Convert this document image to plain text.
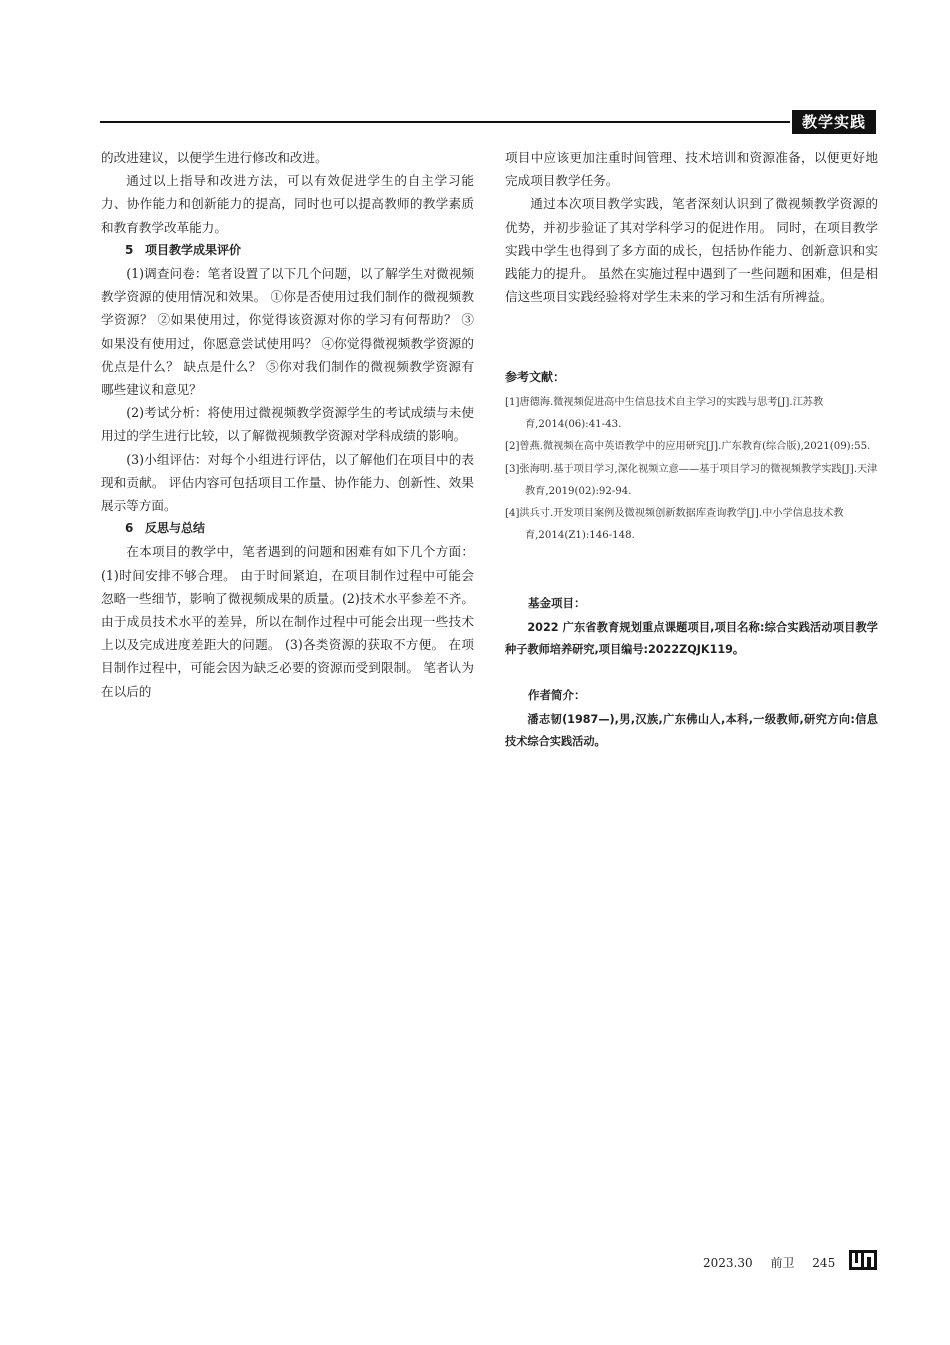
教学实践

的改进建议，以便学生进行修改和改进。

通过以上指导和改进方法，可以有效促进学生的自主学习能力、协作能力和创新能力的提高，同时也可以提高教师的教学素质和教育教学改革能力。

5 项目教学成果评价

(1)调查问卷：笔者设置了以下几个问题，以了解学生对微视频教学资源的使用情况和效果。 ①你是否使用过我们制作的微视频教学资源？ ②如果使用过，你觉得该资源对你的学习有何帮助？ ③如果没有使用过，你愿意尝试使用吗？ ④你觉得微视频教学资源的优点是什么？ 缺点是什么？ ⑤你对我们制作的微视频教学资源有哪些建议和意见？

(2)考试分析：将使用过微视频教学资源学生的考试成绩与未使用过的学生进行比较，以了解微视频教学资源对学科成绩的影响。

(3)小组评估：对每个小组进行评估，以了解他们在项目中的表现和贡献。 评估内容可包括项目工作量、协作能力、创新性、效果展示等方面。

6 反思与总结

在本项目的教学中，笔者遇到的问题和困难有如下几个方面：(1)时间安排不够合理。 由于时间紧迫，在项目制作过程中可能会忽略一些细节，影响了微视频成果的质量。(2)技术水平参差不齐。 由于成员技术水平的差异，所以在制作过程中可能会出现一些技术上以及完成进度差距大的问题。 (3)各类资源的获取不方便。 在项目制作过程中，可能会因为缺乏必要的资源而受到限制。 笔者认为在以后的

项目中应该更加注重时间管理、技术培训和资源准备，以便更好地完成项目教学任务。

通过本次项目教学实践，笔者深刻认识到了微视频教学资源的优势，并初步验证了其对学科学习的促进作用。 同时，在项目教学实践中学生也得到了多方面的成长，包括协作能力、创新意识和实践能力的提升。 虽然在实施过程中遇到了一些问题和困难，但是相信这些项目实践经验将对学生未来的学习和生活有所裨益。

参考文献：

[1]唐德海.微视频促进高中生信息技术自主学习的实践与思考[J].江苏教育,2014(06):41-43.

[2]曾燕.微视频在高中英语教学中的应用研究[J].广东教育(综合版),2021(09):55.

[3]张海明.基于项目学习,深化视频立意——基于项目学习的微视频教学实践[J].天津教育,2019(02):92-94.

[4]洪兵寸.开发项目案例及微视频创新数据库查询教学[J].中小学信息技术教育,2014(Z1):146-148.

基金项目：
2022 广东省教育规划重点课题项目,项目名称:综合实践活动项目教学种子教师培养研究,项目编号:2022ZQJK119。
作者简介：
潘志韧(1987—),男,汉族,广东佛山人,本科,一级教师,研究方向:信息技术综合实践活动。
2023.30 前卫 245
